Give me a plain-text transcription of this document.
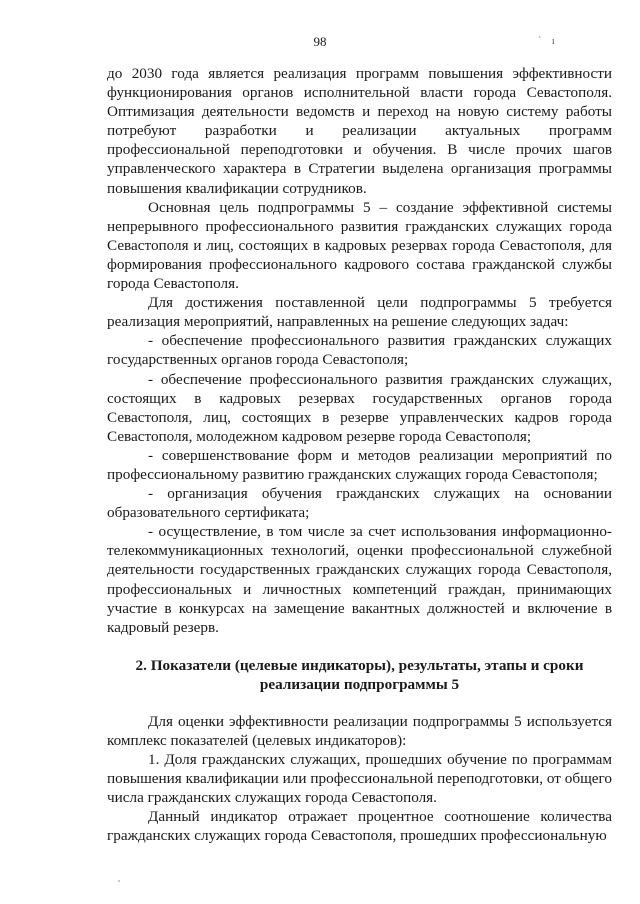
98	` ı

до 2030 года является реализация программ повышения эффективности функционирования органов исполнительной власти города Севастополя. Оптимизация деятельности ведомств и переход на новую систему работы потребуют разработки и реализации актуальных программ профессиональной переподготовки и обучения. В числе прочих шагов управленческого характера в Стратегии выделена организация программы повышения квалификации сотрудников.

Основная цель подпрограммы 5 – создание эффективной системы непрерывного профессионального развития гражданских служащих города Севастополя и лиц, состоящих в кадровых резервах города Севастополя, для формирования профессионального кадрового состава гражданской службы города Севастополя.

Для достижения поставленной цели подпрограммы 5 требуется реализация мероприятий, направленных на решение следующих задач:

- обеспечение профессионального развития гражданских служащих государственных органов города Севастополя;

- обеспечение профессионального развития гражданских служащих, состоящих в кадровых резервах государственных органов города Севастополя, лиц, состоящих в резерве управленческих кадров города Севастополя, молодежном кадровом резерве города Севастополя;

- совершенствование форм и методов реализации мероприятий по профессиональному развитию гражданских служащих города Севастополя;

- организация обучения гражданских служащих на основании образовательного сертификата;

- осуществление, в том числе за счет использования информационно-телекоммуникационных технологий, оценки профессиональной служебной деятельности государственных гражданских служащих города Севастополя, профессиональных и личностных компетенций граждан, принимающих участие в конкурсах на замещение вакантных должностей и включение в кадровый резерв.

2. Показатели (целевые индикаторы), результаты, этапы и сроки
реализации подпрограммы 5

Для оценки эффективности реализации подпрограммы 5 используется комплекс показателей (целевых индикаторов):

1. Доля гражданских служащих, прошедших обучение по программам повышения квалификации или профессиональной переподготовки, от общего числа гражданских служащих города Севастополя.

Данный индикатор отражает процентное соотношение количества гражданских служащих города Севастополя, прошедших профессиональную
